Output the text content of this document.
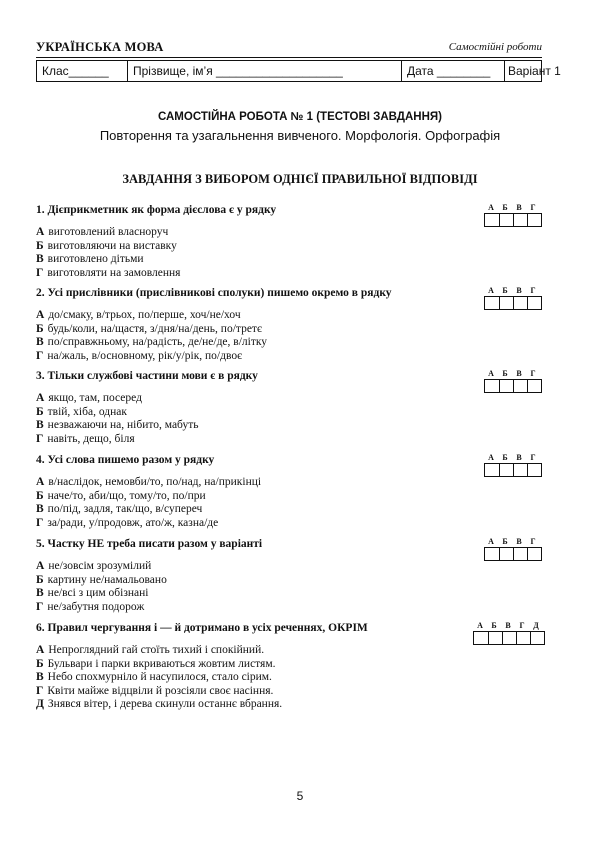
УКРАЇНСЬКА МОВА	Самостійні роботи
Клас______	Прізвище, ім’я ___________________	Дата ________	Варіант 1
САМОСТІЙНА РОБОТА № 1 (ТЕСТОВІ ЗАВДАННЯ)
Повторення та узагальнення вивченого. Морфологія. Орфографія
ЗАВДАННЯ З ВИБОРОМ ОДНІЄЇ ПРАВИЛЬНОЇ ВІДПОВІДІ
1. Дієприкметник як форма дієслова є у рядку	А	Б	В	Г
А виготовлений власноруч
Б виготовляючи на виставку
В виготовлено дітьми
Г виготовляти на замовлення
2. Усі прислівники (прислівникові сполуки) пишемо окремо в рядку	А	Б	В	Г
А до/смаку, в/трьох, по/перше, хоч/не/хоч
Б будь/коли, на/щастя, з/дня/на/день, по/третє
В по/справжньому, на/радість, де/не/де, в/літку
Г на/жаль, в/основному, рік/у/рік, по/двоє
3. Тільки службові частини мови є в рядку	А	Б	В	Г
А якщо, там, посеред
Б твій, хіба, однак
В незважаючи на, нібито, мабуть
Г навіть, дещо, біля
4. Усі слова пишемо разом у рядку	А	Б	В	Г
А в/наслідок, немовби/то, по/над, на/прикінці
Б наче/то, аби/що, тому/то, по/при
В по/під, задля, так/що, в/супереч
Г за/ради, у/продовж, ато/ж, казна/де
5. Частку НЕ треба писати разом у варіанті	А	Б	В	Г
А не/зовсім зрозумілий
Б картину не/намальовано
В не/всі з цим обізнані
Г не/забутня подорож
6. Правил чергування і — й дотримано в усіх реченнях, ОКРІМ	А	Б	В	Г	Д
А Непроглядний гай стоїть тихий і спокійний.
Б Бульвари і парки вкриваються жовтим листям.
В Небо спохмурніло й насупилося, стало сірим.
Г Квіти майже відцвіли й розсіяли своє насіння.
Д Знявся вітер, і дерева скинули останнє вбрання.
5
